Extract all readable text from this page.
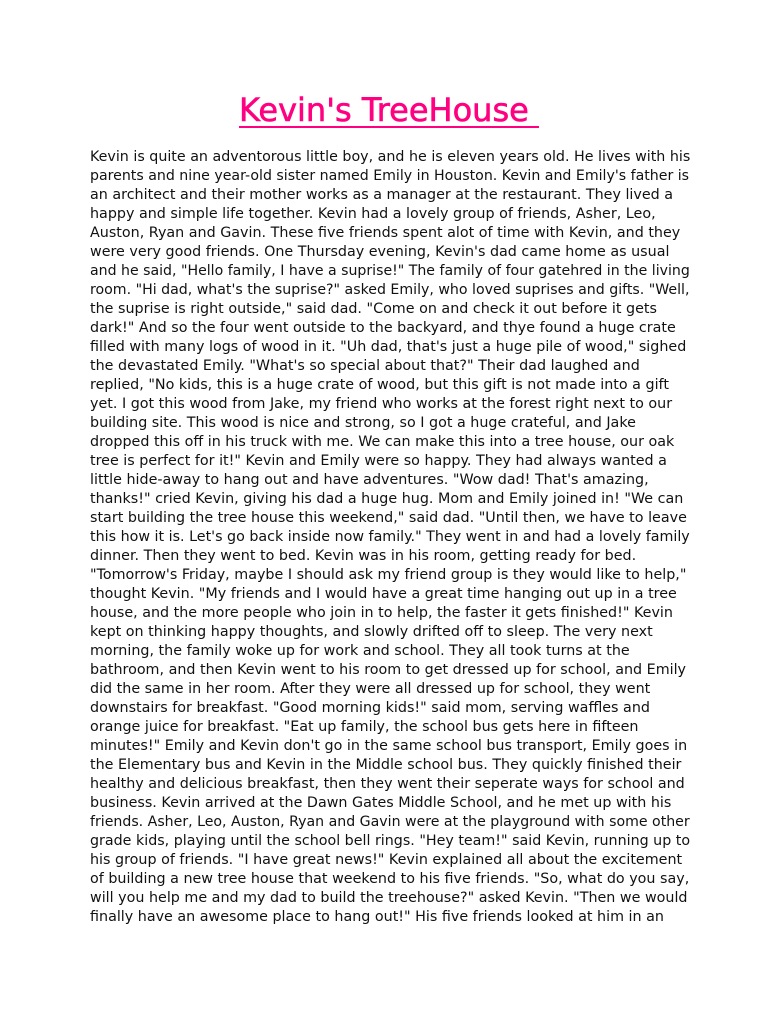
Kevin's TreeHouse
Kevin is quite an adventorous little boy, and he is eleven years old. He lives with his
parents and nine year-old sister named Emily in Houston. Kevin and Emily's father is
an architect and their mother works as a manager at the restaurant. They lived a
happy and simple life together. Kevin had a lovely group of friends, Asher, Leo,
Auston, Ryan and Gavin. These five friends spent alot of time with Kevin, and they
were very good friends. One Thursday evening, Kevin's dad came home as usual
and he said, "Hello family, I have a suprise!" The family of four gatehred in the living
room. "Hi dad, what's the suprise?" asked Emily, who loved suprises and gifts. "Well,
the suprise is right outside," said dad. "Come on and check it out before it gets
dark!" And so the four went outside to the backyard, and thye found a huge crate
filled with many logs of wood in it. "Uh dad, that's just a huge pile of wood," sighed
the devastated Emily. "What's so special about that?" Their dad laughed and
replied, "No kids, this is a huge crate of wood, but this gift is not made into a gift
yet. I got this wood from Jake, my friend who works at the forest right next to our
building site. This wood is nice and strong, so I got a huge crateful, and Jake
dropped this off in his truck with me. We can make this into a tree house, our oak
tree is perfect for it!" Kevin and Emily were so happy. They had always wanted a
little hide-away to hang out and have adventures. "Wow dad! That's amazing,
thanks!" cried Kevin, giving his dad a huge hug. Mom and Emily joined in! "We can
start building the tree house this weekend," said dad. "Until then, we have to leave
this how it is. Let's go back inside now family." They went in and had a lovely family
dinner. Then they went to bed. Kevin was in his room, getting ready for bed.
"Tomorrow's Friday, maybe I should ask my friend group is they would like to help,"
thought Kevin. "My friends and I would have a great time hanging out up in a tree
house, and the more people who join in to help, the faster it gets finished!" Kevin
kept on thinking happy thoughts, and slowly drifted off to sleep. The very next
morning, the family woke up for work and school. They all took turns at the
bathroom, and then Kevin went to his room to get dressed up for school, and Emily
did the same in her room. After they were all dressed up for school, they went
downstairs for breakfast. "Good morning kids!" said mom, serving waffles and
orange juice for breakfast. "Eat up family, the school bus gets here in fifteen
minutes!" Emily and Kevin don't go in the same school bus transport, Emily goes in
the Elementary bus and Kevin in the Middle school bus. They quickly finished their
healthy and delicious breakfast, then they went their seperate ways for school and
business. Kevin arrived at the Dawn Gates Middle School, and he met up with his
friends. Asher, Leo, Auston, Ryan and Gavin were at the playground with some other
grade kids, playing until the school bell rings. "Hey team!" said Kevin, running up to
his group of friends. "I have great news!" Kevin explained all about the excitement
of building a new tree house that weekend to his five friends. "So, what do you say,
will you help me and my dad to build the treehouse?" asked Kevin. "Then we would
finally have an awesome place to hang out!" His five friends looked at him in an
